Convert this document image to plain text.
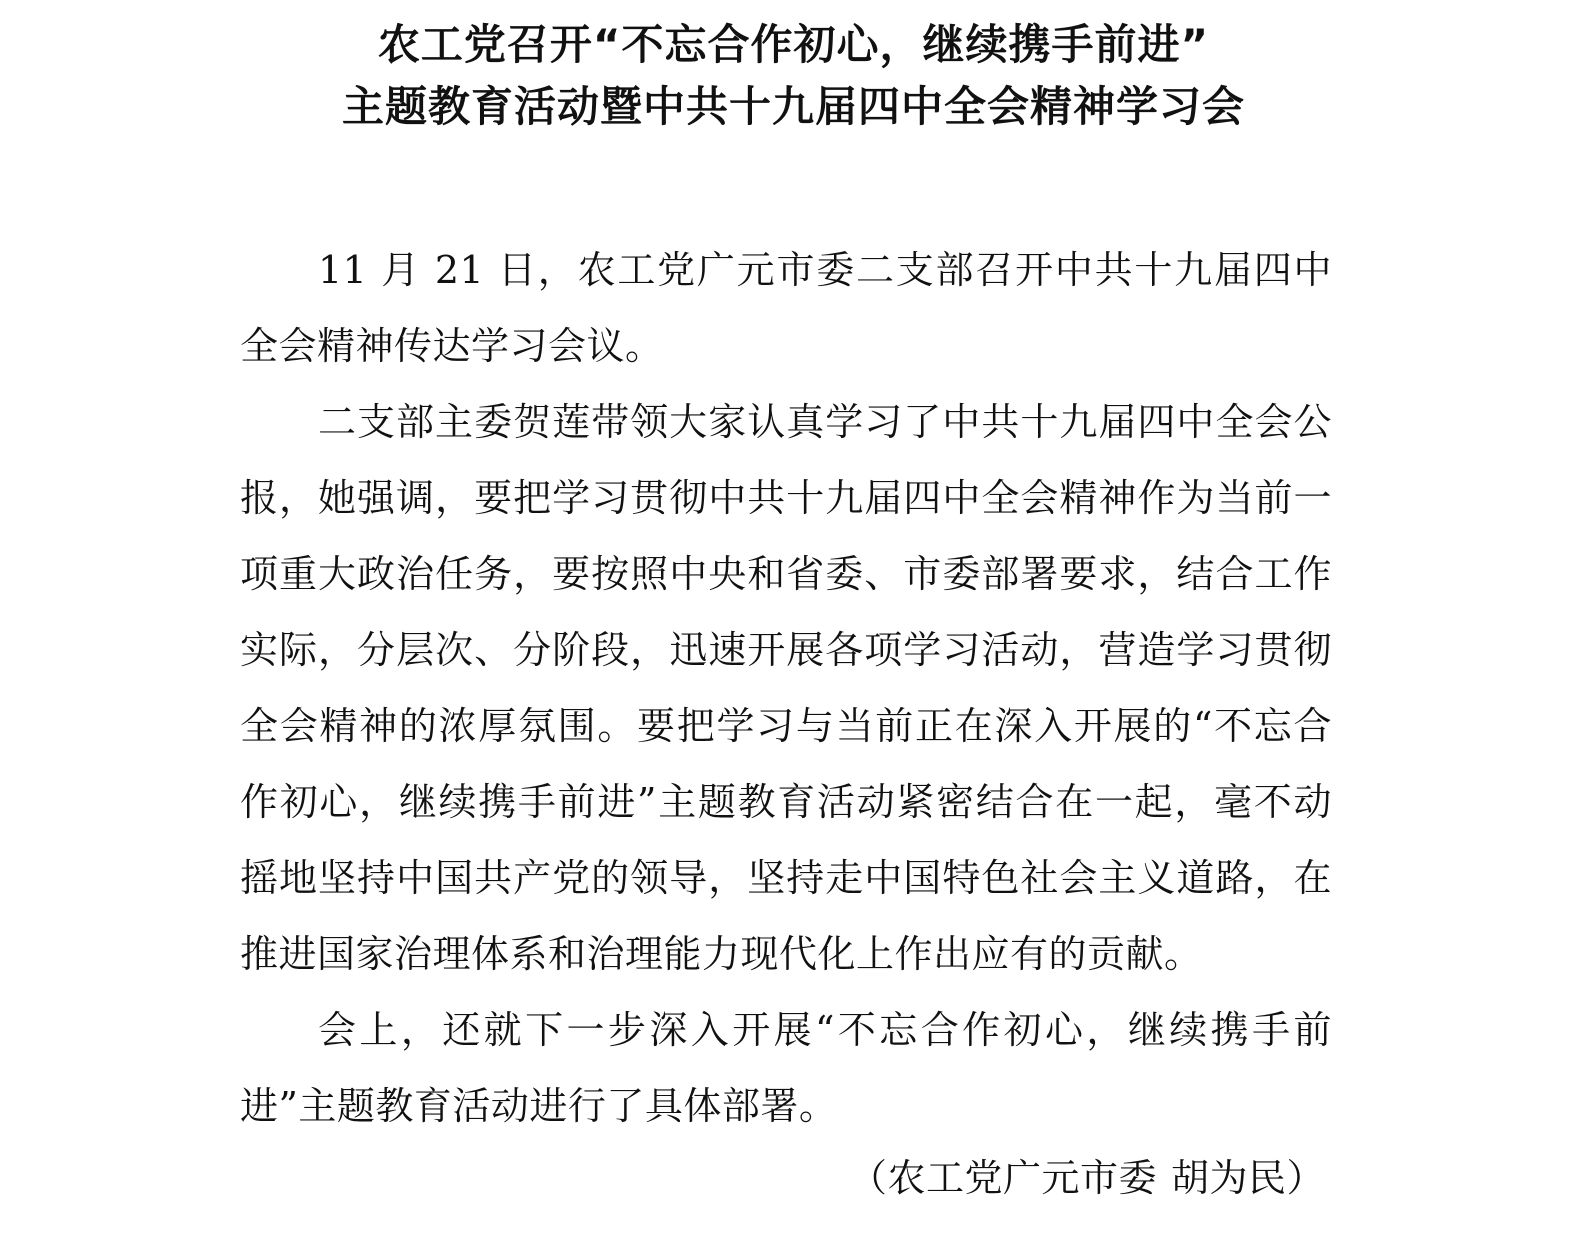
农工党召开“不忘合作初心，继续携手前进”
主题教育活动暨中共十九届四中全会精神学习会

11 月 21 日，农工党广元市委二支部召开中共十九届四中全会精神传达学习会议。

二支部主委贺莲带领大家认真学习了中共十九届四中全会公报，她强调，要把学习贯彻中共十九届四中全会精神作为当前一项重大政治任务，要按照中央和省委、市委部署要求，结合工作实际，分层次、分阶段，迅速开展各项学习活动，营造学习贯彻全会精神的浓厚氛围。要把学习与当前正在深入开展的“不忘合作初心，继续携手前进”主题教育活动紧密结合在一起，毫不动摇地坚持中国共产党的领导，坚持走中国特色社会主义道路，在推进国家治理体系和治理能力现代化上作出应有的贡献。

会上，还就下一步深入开展“不忘合作初心，继续携手前进”主题教育活动进行了具体部署。

（农工党广元市委 胡为民）
